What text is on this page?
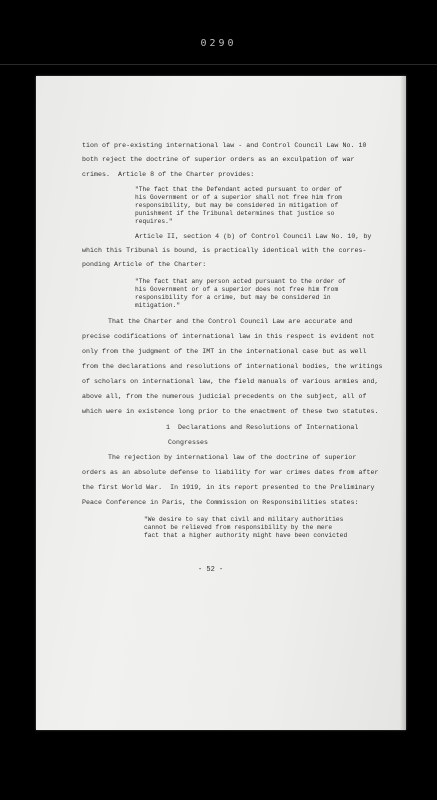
0290
tion of pre-existing international law - and Control Council Law No. 10
both reject the doctrine of superior orders as an exculpation of war
crimes.  Article 8 of the Charter provides:
"The fact that the Defendant acted pursuant to order of
his Government or of a superior shall not free him from
responsibility, but may be considered in mitigation of
punishment if the Tribunal determines that justice so
requires."
Article II, section 4 (b) of Control Council Law No. 10, by
which this Tribunal is bound, is practically identical with the corres-
ponding Article of the Charter:
"The fact that any person acted pursuant to the order of
his Government or of a superior does not free him from
responsibility for a crime, but may be considered in
mitigation."
That the Charter and the Control Council Law are accurate and
precise codifications of international law in this respect is evident not
only from the judgment of the IMT in the international case but as well
from the declarations and resolutions of international bodies, the writings
of scholars on international law, the field manuals of various armies and,
above all, from the numerous judicial precedents on the subject, all of
which were in existence long prior to the enactment of these two statutes.
1  Declarations and Resolutions of International
Congresses
The rejection by international law of the doctrine of superior
orders as an absolute defense to liability for war crimes dates from after
the first World War.  In 1919, in its report presented to the Preliminary
Peace Conference in Paris, the Commission on Responsibilities states:
"We desire to say that civil and military authorities
cannot be relieved from responsibility by the mere
fact that a higher authority might have been convicted
- 52 -
